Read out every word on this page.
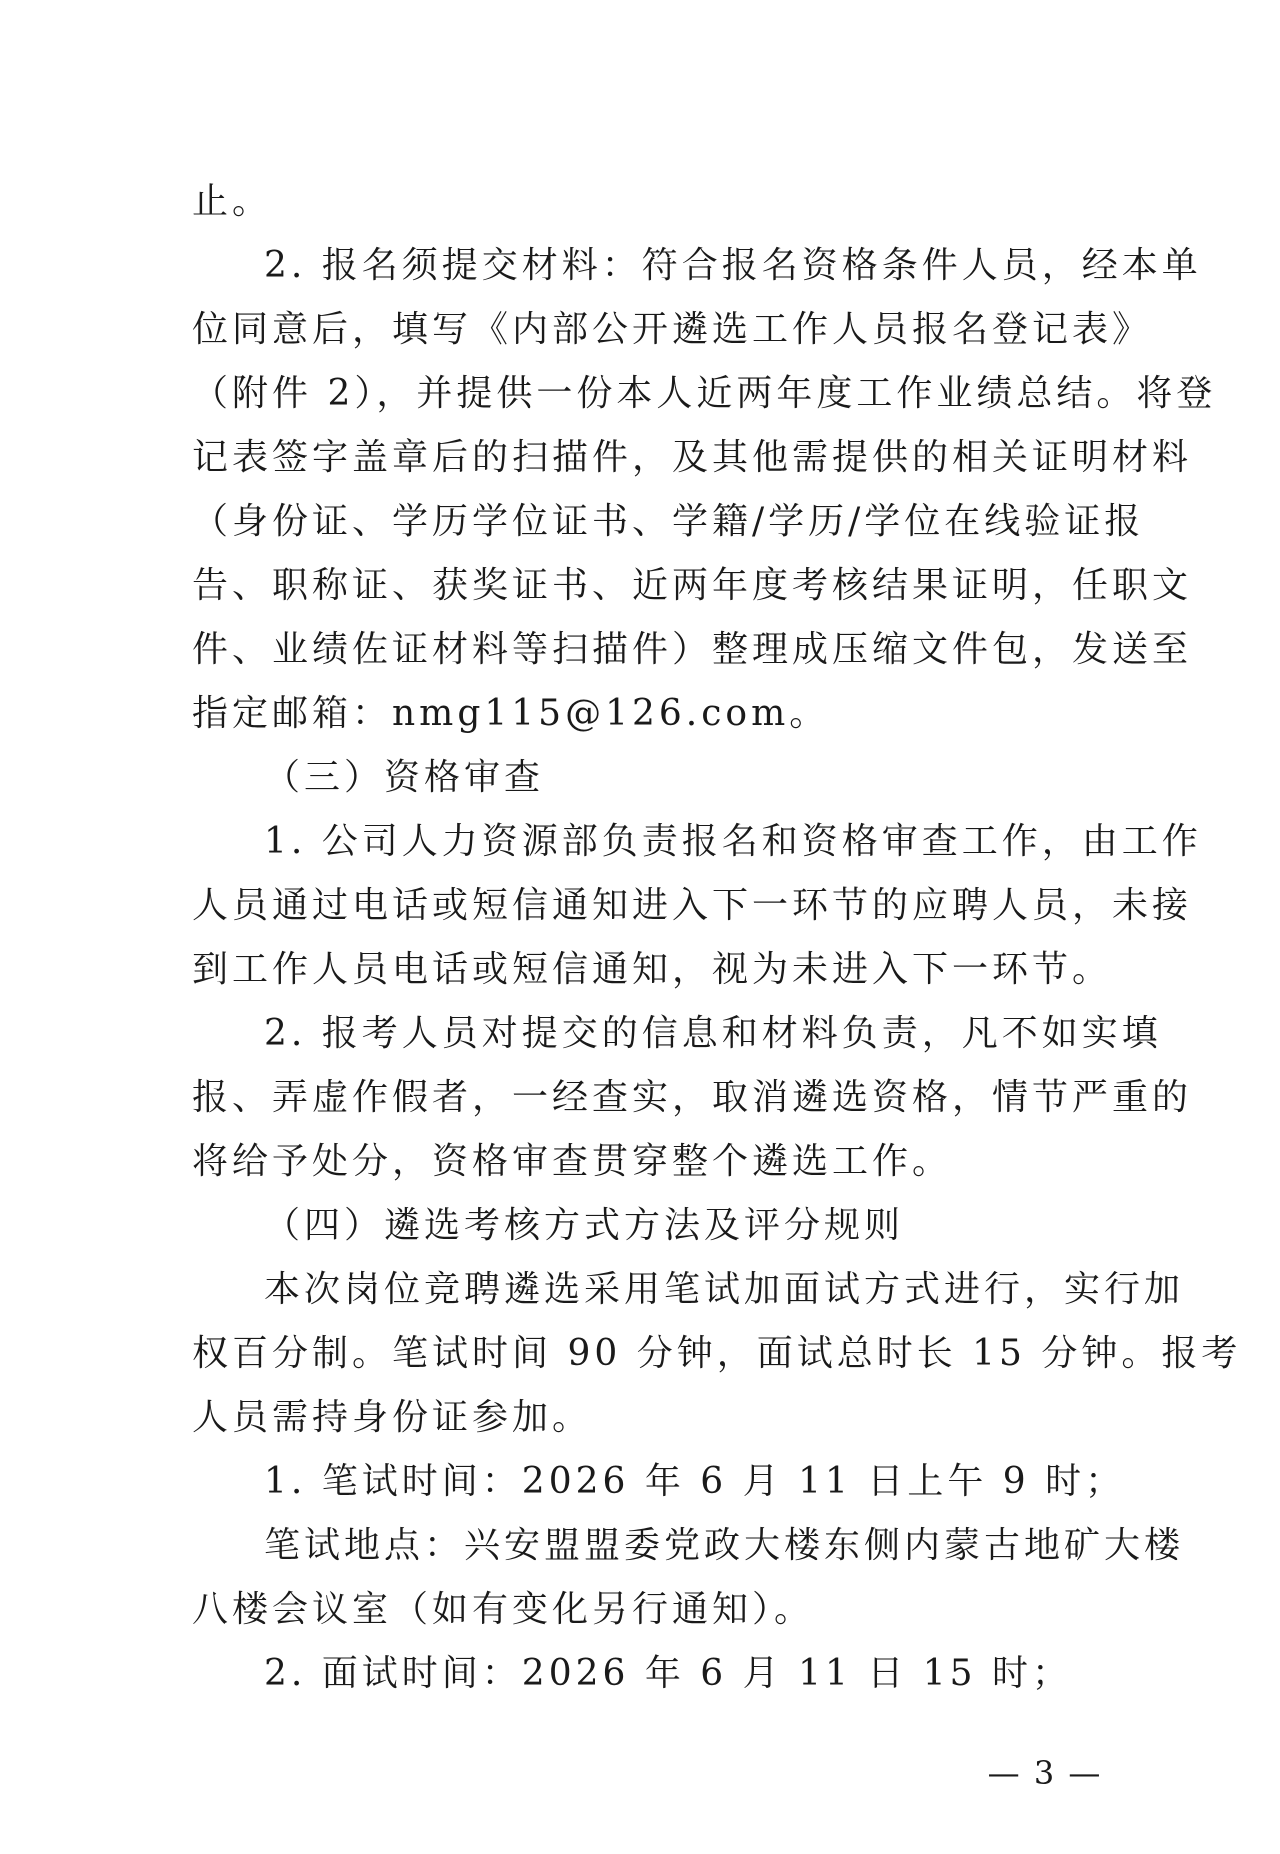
止。
2. 报名须提交材料：符合报名资格条件人员，经本单
位同意后，填写《内部公开遴选工作人员报名登记表》
（附件 2），并提供一份本人近两年度工作业绩总结。将登
记表签字盖章后的扫描件，及其他需提供的相关证明材料
（身份证、学历学位证书、学籍/学历/学位在线验证报
告、职称证、获奖证书、近两年度考核结果证明，任职文
件、业绩佐证材料等扫描件）整理成压缩文件包，发送至
指定邮箱：nmg115@126.com。
（三）资格审查
1. 公司人力资源部负责报名和资格审查工作，由工作
人员通过电话或短信通知进入下一环节的应聘人员，未接
到工作人员电话或短信通知，视为未进入下一环节。
2. 报考人员对提交的信息和材料负责，凡不如实填
报、弄虚作假者，一经查实，取消遴选资格，情节严重的
将给予处分，资格审查贯穿整个遴选工作。
（四）遴选考核方式方法及评分规则
本次岗位竞聘遴选采用笔试加面试方式进行，实行加
权百分制。笔试时间 90 分钟，面试总时长 15 分钟。报考
人员需持身份证参加。
1. 笔试时间：2026 年 6 月 11 日上午 9 时；
笔试地点：兴安盟盟委党政大楼东侧内蒙古地矿大楼
八楼会议室（如有变化另行通知）。
2. 面试时间：2026 年 6 月 11 日 15 时；
— 3 —
